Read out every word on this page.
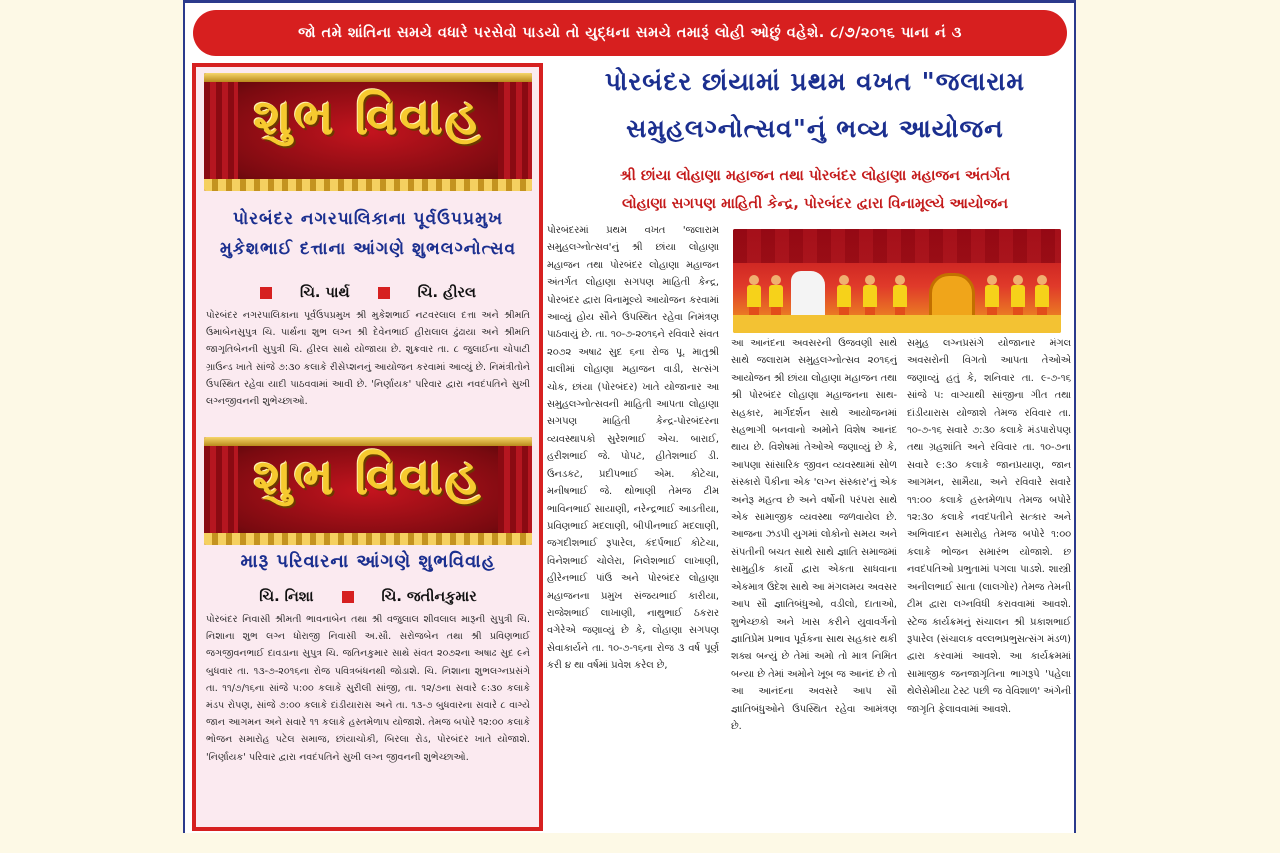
જો તમે શાંતિના સમયે વધારે પરસેવો પાડયો તો યુદ્ધના સમયે તમારૂં લોહી ઓછું વહેશે. ૮/૭/૨૦૧૬ પાના નં ૩
શુભ વિવાહ
પોરબંદર નગરપાલિકાના પૂર્વઉપપ્રમુખ
મુકેશભાઈ દત્તાના આંગણે શુભલગ્નોત્સવ
ચિ. પાર્થ	ચિ. હીરલ
પોરબંદર નગરપાલિકાના પૂર્વઉપપ્રમુખ શ્રી મુકેશભાઈ નટવરલાલ દત્તા અને શ્રીમતિ ઉમાબેનસુપુત્ર ચિ. પાર્થના શુભ લગ્ન શ્રી દેવેનભાઈ હીરાલાલ ઢુંઢાયા અને શ્રીમતિ જાગૃતિબેનની સુપુત્રી ચિ. હીરલ સાથે યોજાયા છે. શુક્રવાર તા. ૮ જુલાઈના ચોપાટી ગ્રાઉન્ડ ખાતે સાંજે ૭:૩૦ કલાકે રીસેપ્શનનું આયોજન કરવામાં આવ્યું છે. નિમંત્રીતોને ઉપસ્થિત રહેવા યાદી પાઠવવામાં આવી છે. 'નિર્ણાયક' પરિવાર દ્વારા નવદંપતિને સુખી લગ્નજીવનની શુભેચ્છાઓ.
શુભ વિવાહ
મારૂ પરિવારના આંગણે શુભવિવાહ
ચિ. નિશા	ચિ. જતીનકુમાર
પોરબંદર નિવાસી શ્રીમતી ભાવનાબેન તથા શ્રી વજુલાલ શીવલાલ મારૂની સુપુત્રી ચિ. નિશાના શુભ લગ્ન ધોરાજી નિવાસી અ.સૌ. સરોજબેન તથા શ્રી પ્રવિણભાઈ જગજીવનભાઈ દાવડાના સુપુત્ર ચિ. જતિનકુમાર સાથે સંવત ૨૦૭૨ના અષાઢ સુદ ૯ને બુધવાર તા. ૧૩-૭-૨૦૧૬ના રોજ પવિત્રબંધનથી જોડાશે. ચિ. નિશાના શુભલગ્નપ્રસંગે તા. ૧૧/૭/૧૬ના સાંજે ૫:૦૦ કલાકે સુરીલી સાંજી, તા. ૧૨/૭ના સવારે ૯:૩૦ કલાકે મંડપ રોપણ, સાંજે ૭:૦૦ કલાકે દાંડીયારાસ અને તા. ૧૩-૭ બુધવારના સવારે ૮ વાગ્યે જાન આગમન અને સવારે ૧૧ કલાકે હસ્તમેળાપ યોજાશે. તેમજ બપોરે ૧૨:૦૦ કલાકે ભોજન સમારોહ પટેલ સમાજ, છાંયાચોકી, બિરલા રોડ, પોરબંદર ખાતે યોજાશે. 'નિર્ણાયક' પરિવાર દ્વારા નવદંપતિને સુખી લગ્ન જીવનની શુભેચ્છાઓ.
પોરબંદર છાંયામાં પ્રથમ વખત "જલારામ
સમુહલગ્નોત્સવ"નું ભવ્ય આયોજન
શ્રી છાંયા લોહાણા મહાજન તથા પોરબંદર લોહાણા મહાજન અંતર્ગત
લોહાણા સગપણ માહિતી કેન્દ્ર, પોરબંદર દ્વારા વિનામૂલ્યે આયોજન
પોરબંદરમાં પ્રથમ વખત 'જલારામ સમુહલગ્નોત્સવ'નું શ્રી છાંયા લોહાણા મહાજન તથા પોરબંદર લોહાણા મહાજન અંતર્ગત લોહાણા સગપણ માહિતી કેન્દ્ર, પોરબંદર દ્વારા વિનામૂલ્યે આયોજન કરવામાં આવ્યું હોય સૌને ઉપસ્થિત રહેવા નિમંત્રણ પાઠવાયું છે. તા. ૧૦-૭-૨૦૧૬ને રવિવારે સંવત ૨૦૭૨ અષાઢ સુદ ૬ના રોજ પૂ. માતુશ્રી વાલીમાં લોહાણા મહાજન વાડી, સત્સંગ ચોક, છાંયા (પોરબંદર) ખાતે યોજાનાર આ સમુહલગ્નોત્સવની માહિતી આપતા લોહાણા સગપણ માહિતી કેન્દ્ર-પોરબંદરના વ્યવસ્થાપકો સુરેશભાઈ એચ. બારાઈ, હરીશભાઈ જે. પોપટ, હીતેશભાઈ ડી. ઉનડકટ, પ્રદીપભાઈ એમ. કોટેચા, મનીષભાઈ જે. થોભાણી તેમજ ટીમ ભાવિનભાઈ સાયાણી, નરેન્દ્રભાઈ આડતીયા, પ્રવિણભાઈ મદલાણી, બીપીનભાઈ મદલાણી, જગદીશભાઈ રૂપારેલ, કંદર્પભાઈ કોટેચા, વિનેશભાઈ ચોલેરા, નિલેશભાઈ લાખાણી, હીરેનભાઈ પાંઉ અને પોરબંદર લોહાણા મહાજનના પ્રમુખ સંજયભાઈ કારીયા, રાજેશભાઈ લાખાણી, નાથુભાઈ ઠકરાર વગેરેએ જણાવ્યું છે કે, લોહાણા સગપણ સેવાકાર્યને તા. ૧૦-૭-૧૬ના રોજ ૩ વર્ષ પૂર્ણ કરી ૪ થા વર્ષમાં પ્રવેશ કરેલ છે,
આ આનંદના અવસરની ઉજવણી સાથે સાથે જલારામ સમુહલગ્નોત્સવ ૨૦૧૬નું આયોજન શ્રી છાંયા લોહાણા મહાજન તથા શ્રી પોરબંદર લોહાણા મહાજનના સાથ-સહકાર, માર્ગદર્શન સાથે આયોજનમાં સહભાગી બનવાનો અમોને વિશેષ આનંદ થાય છે. વિશેષમાં તેઓએ જણાવ્યું છે કે, આપણા સાંસારિક જીવન વ્યવસ્થામાં સોળ સંસ્કારો પૈકીના એક 'લગ્ન સંસ્કાર'નું એક અનેરૂ મહત્વ છે અને વર્ષોની પરંપરા સાથે એક સામાજીક વ્યવસ્થા જળવાયેલ છે. આજના ઝડપી યુગમાં લોકોનો સમય અને સંપતીની બચત સાથે સાથે જ્ઞાતિ સમાજમાં સામુહીક કાર્યો દ્વારા એકતા સાધવાના એકમાત્ર ઉદેશ સાથે આ મંગલમય અવસર આપ સૌ જ્ઞાતિબંધુઓ, વડીલો, દાતાઓ, શુભેચ્છકો અને ખાસ કરીને યુવાવર્ગનો જ્ઞાતિપ્રેમ પ્રભાવ પૂર્વકના સાથ સહકાર થકી શક્ય બન્યું છે તેમાં અમો તો માત્ર નિમિત બન્યા છે તેમાં અમોને ખૂબ જ આનંદ છે તો આ આનંદના અવસરે આપ સૌ જ્ઞાતિબંધુઓને ઉપસ્થિત રહેવા આમંત્રણ છે.
સમુહ લગ્નપ્રસંગે યોજાનાર મંગલ અવસરોની વિગતો આપતા તેઓએ જણાવ્યું હતું કે, શનિવાર તા. ૯-૭-૧૬ સાંજે ૫: વાગ્યાથી સાંજીના ગીત તથા દાંડીયારાસ યોજાશે તેમજ રવિવાર તા. ૧૦-૭-૧૬ સવારે ૭:૩૦ કલાકે મંડપારોપણ તથા ગ્રહશાંતિ અને રવિવાર તા. ૧૦-૭ના સવારે ૯:૩૦ કલાકે જાનપ્રયાણ, જાન આગમન, સામૈયા, અને રવિવારે સવારે ૧૧:૦૦ કલાકે હસ્તમેળાપ તેમજ બપોરે ૧૨:૩૦ કલાકે નવદંપતીને સત્કાર અને અભિવાદન સમારોહ તેમજ બપોરે ૧:૦૦ કલાકે ભોજન સમારંભ યોજાશે. છ નવદંપતિઓ પ્રભુતામાં પગલા પાડશે. શાસ્ત્રી અનીલભાઈ સાતા (લાલગોર) તેમજ તેમની ટીમ દ્વારા લગ્નવિધી કરાવવામાં આવશે. સ્ટેજ કાર્યક્રમનું સંચાલન શ્રી પ્રકાશભાઈ રૂપારેલ (સંચાલક વલ્લભપ્રભુસત્સંગ મંડળ) દ્વારા કરવામાં આવશે. આ કાર્યક્રમમાં સામાજીક જનજાગૃતિના ભાગરૂપે 'પહેલા થેલેસેમીયા ટેસ્ટ પછી જ વેવિશાળ' અંગેની જાગૃતિ ફેલાવવામાં આવશે.
